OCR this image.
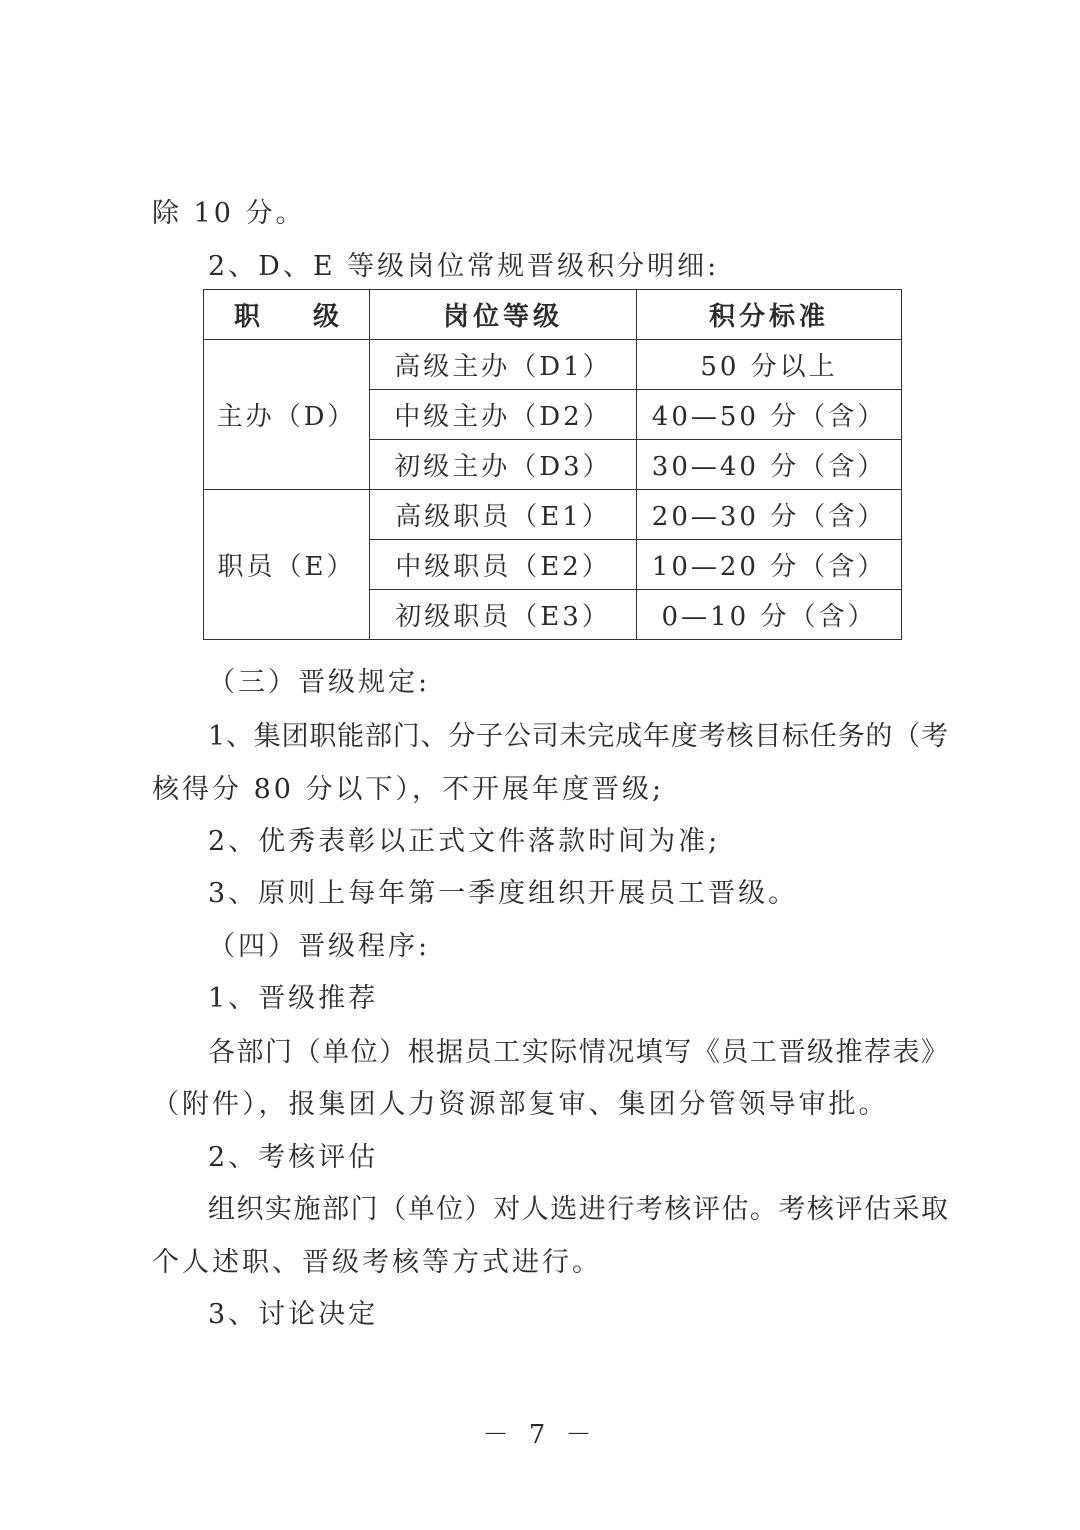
除 10 分。
2、D、E 等级岗位常规晋级积分明细:
职 级	岗位等级	积分标准
主办（D）	高级主办（D1）	50 分以上
	中级主办（D2）	40—50 分（含）
	初级主办（D3）	30—40 分（含）
职员（E）	高级职员（E1）	20—30 分（含）
	中级职员（E2）	10—20 分（含）
	初级职员（E3）	0—10 分（含）
（三）晋级规定:
1、集团职能部门、分子公司未完成年度考核目标任务的（考
核得分 80 分以下），不开展年度晋级;
2、优秀表彰以正式文件落款时间为准;
3、原则上每年第一季度组织开展员工晋级。
（四）晋级程序:
1、晋级推荐
各部门（单位）根据员工实际情况填写《员工晋级推荐表》
（附件），报集团人力资源部复审、集团分管领导审批。
2、考核评估
组织实施部门（单位）对人选进行考核评估。考核评估采取
个人述职、晋级考核等方式进行。
3、讨论决定
－ 7 －
